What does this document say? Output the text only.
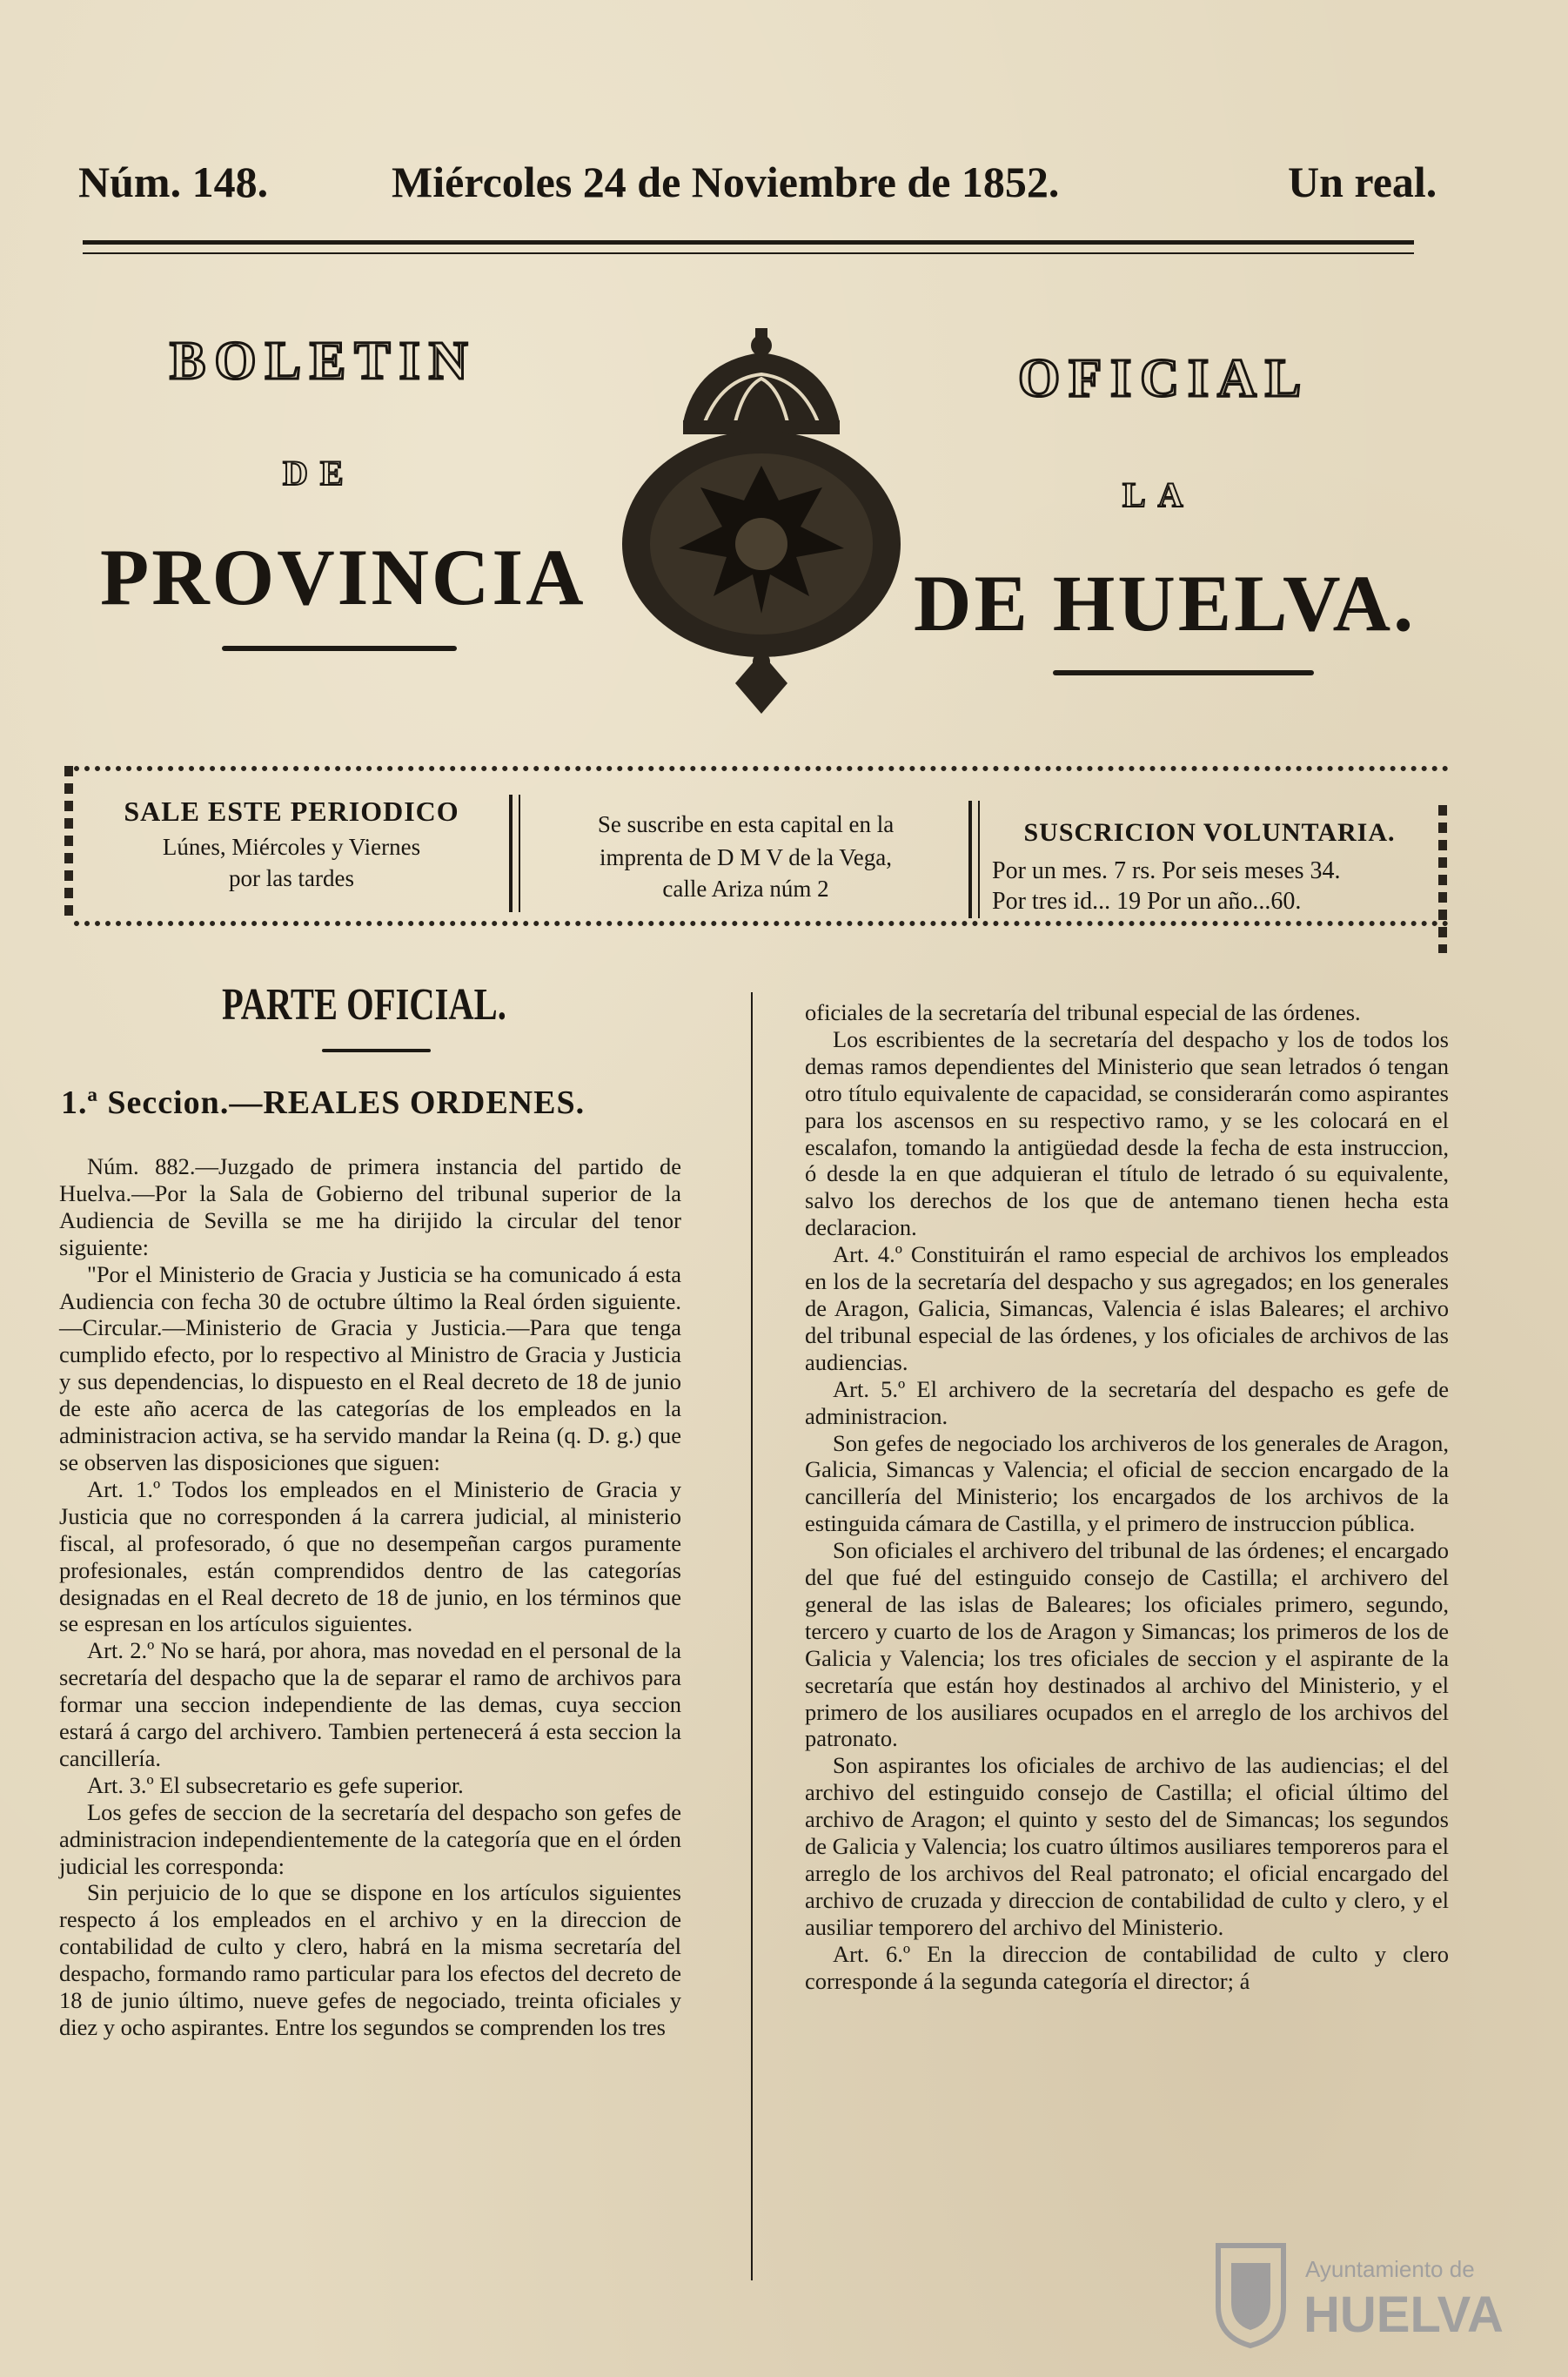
Núm. 148.	Miércoles 24 de Noviembre de 1852.	Un real.
BOLETIN	OFICIAL
DE
LA
PROVINCIA	DE HUELVA.
SALE ESTE PERIODICO
Lúnes, Miércoles y Viernes
por las tardes
Se suscribe en esta capital en la
imprenta de D M V de la Vega,
calle Ariza núm 2
SUSCRICION VOLUNTARIA.
Por un mes. 7 rs. Por seis meses 34.
Por tres id... 19 Por un año...60.
PARTE OFICIAL.
1.ª Seccion.—REALES ORDENES.

Núm. 882.—Juzgado de primera instancia del partido de Huelva.—Por la Sala de Gobierno del tribunal superior de la Audiencia de Sevilla se me ha dirijido la circular del tenor siguiente:

"Por el Ministerio de Gracia y Justicia se ha comunicado á esta Audiencia con fecha 30 de octubre último la Real órden siguiente.—Circular.—Ministerio de Gracia y Justicia.—Para que tenga cumplido efecto, por lo respectivo al Ministro de Gracia y Justicia y sus dependencias, lo dispuesto en el Real decreto de 18 de junio de este año acerca de las categorías de los empleados en la administracion activa, se ha servido mandar la Reina (q. D. g.) que se observen las disposiciones que siguen:

Art. 1.º Todos los empleados en el Ministerio de Gracia y Justicia que no corresponden á la carrera judicial, al ministerio fiscal, al profesorado, ó que no desempeñan cargos puramente profesionales, están comprendidos dentro de las categorías designadas en el Real decreto de 18 de junio, en los términos que se espresan en los artículos siguientes.

Art. 2.º No se hará, por ahora, mas novedad en el personal de la secretaría del despacho que la de separar el ramo de archivos para formar una seccion independiente de las demas, cuya seccion estará á cargo del archivero. Tambien pertenecerá á esta seccion la cancillería.

Art. 3.º El subsecretario es gefe superior.

Los gefes de seccion de la secretaría del despacho son gefes de administracion independientemente de la categoría que en el órden judicial les corresponda:

Sin perjuicio de lo que se dispone en los artículos siguientes respecto á los empleados en el archivo y en la direccion de contabilidad de culto y clero, habrá en la misma secretaría del despacho, formando ramo particular para los efectos del decreto de 18 de junio último, nueve gefes de negociado, treinta oficiales y diez y ocho aspirantes. Entre los segundos se comprenden los tres

oficiales de la secretaría del tribunal especial de las órdenes.

Los escribientes de la secretaría del despacho y los de todos los demas ramos dependientes del Ministerio que sean letrados ó tengan otro título equivalente de capacidad, se considerarán como aspirantes para los ascensos en su respectivo ramo, y se les colocará en el escalafon, tomando la antigüedad desde la fecha de esta instruccion, ó desde la en que adquieran el título de letrado ó su equivalente, salvo los derechos de los que de antemano tienen hecha esta declaracion.

Art. 4.º Constituirán el ramo especial de archivos los empleados en los de la secretaría del despacho y sus agregados; en los generales de Aragon, Galicia, Simancas, Valencia é islas Baleares; el archivo del tribunal especial de las órdenes, y los oficiales de archivos de las audiencias.

Art. 5.º El archivero de la secretaría del despacho es gefe de administracion.

Son gefes de negociado los archiveros de los generales de Aragon, Galicia, Simancas y Valencia; el oficial de seccion encargado de la cancillería del Ministerio; los encargados de los archivos de la estinguida cámara de Castilla, y el primero de instruccion pública.

Son oficiales el archivero del tribunal de las órdenes; el encargado del que fué del estinguido consejo de Castilla; el archivero del general de las islas de Baleares; los oficiales primero, segundo, tercero y cuarto de los de Aragon y Simancas; los primeros de los de Galicia y Valencia; los tres oficiales de seccion y el aspirante de la secretaría que están hoy destinados al archivo del Ministerio, y el primero de los ausiliares ocupados en el arreglo de los archivos del patronato.

Son aspirantes los oficiales de archivo de las audiencias; el del archivo del estinguido consejo de Castilla; el oficial último del archivo de Aragon; el quinto y sesto del de Simancas; los segundos de Galicia y Valencia; los cuatro últimos ausiliares temporeros para el arreglo de los archivos del Real patronato; el oficial encargado del archivo de cruzada y direccion de contabilidad de culto y clero, y el ausiliar temporero del archivo del Ministerio.

Art. 6.º En la direccion de contabilidad de culto y clero corresponde á la segunda categoría el director; á

Ayuntamiento de
HUELVA
